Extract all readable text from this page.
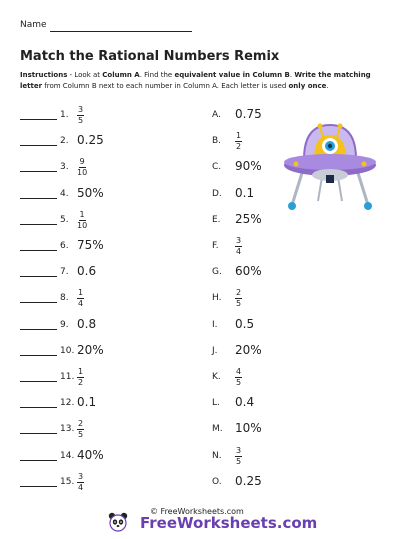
Name
Match the Rational Numbers Remix
Instructions - Look at Column A. Find the equivalent value in Column B. Write the matching letter from Column B next to each number in Column A. Each letter is used only once.
1. $\frac{3}{5}$
2. 0.25
3. $\frac{9}{10}$
4. 50%
5. $\frac{1}{10}$
6. 75%
7. 0.6
8. $\frac{1}{4}$
9. 0.8
10. 20%
11. $\frac{1}{2}$
12. 0.1
13. $\frac{2}{5}$
14. 40%
15. $\frac{3}{4}$
A. 0.75
B. $\frac{1}{2}$
C. 90%
D. 0.1
E. 25%
F. $\frac{3}{4}$
G. 60%
H. $\frac{2}{5}$
I. 0.5
J. 20%
K. $\frac{4}{5}$
L. 0.4
M. 10%
N. $\frac{3}{5}$
O. 0.25
© FreeWorksheets.com
FreeWorksheets.com
